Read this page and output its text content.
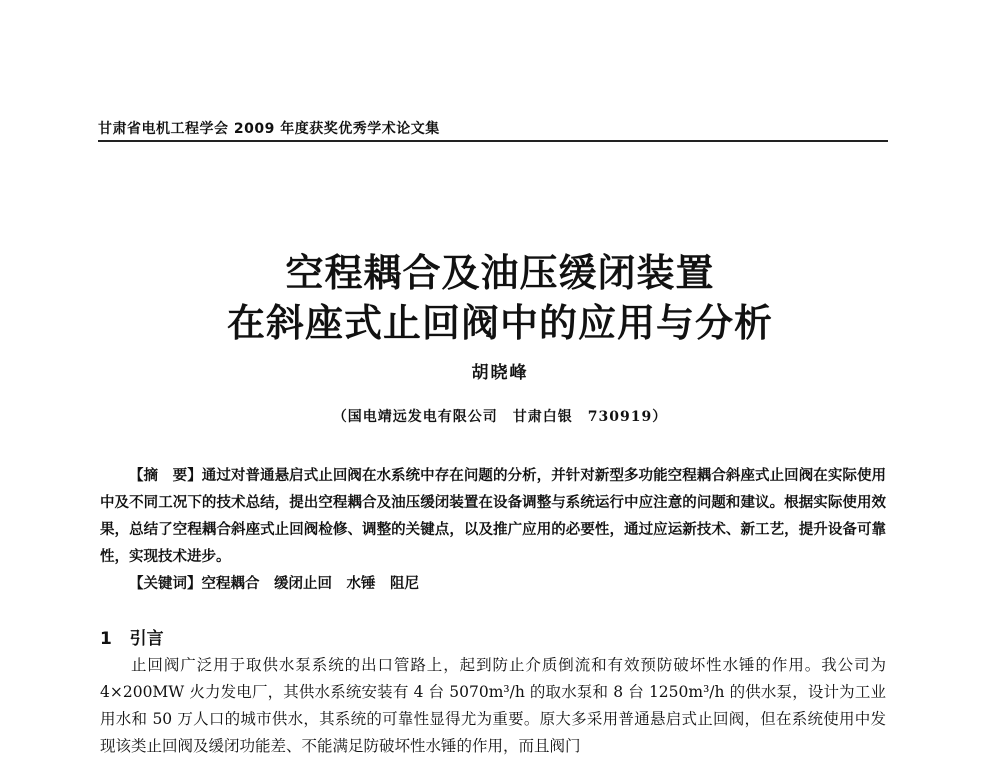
甘肃省电机工程学会 2009 年度获奖优秀学术论文集
空程耦合及油压缓闭装置
在斜座式止回阀中的应用与分析
胡晓峰
（国电靖远发电有限公司　甘肃白银　730919）

【摘　要】通过对普通悬启式止回阀在水系统中存在问题的分析，并针对新型多功能空程耦合斜座式止回阀在实际使用中及不同工况下的技术总结，提出空程耦合及油压缓闭装置在设备调整与系统运行中应注意的问题和建议。根据实际使用效果，总结了空程耦合斜座式止回阀检修、调整的关键点，以及推广应用的必要性，通过应运新技术、新工艺，提升设备可靠性，实现技术进步。

【关键词】空程耦合　缓闭止回　水锤　阻尼

1 引言

止回阀广泛用于取供水泵系统的出口管路上，起到防止介质倒流和有效预防破坏性水锤的作用。我公司为 4×200MW 火力发电厂，其供水系统安装有 4 台 5070m³/h 的取水泵和 8 台 1250m³/h 的供水泵，设计为工业用水和 50 万人口的城市供水，其系统的可靠性显得尤为重要。原大多采用普通悬启式止回阀，但在系统使用中发现该类止回阀及缓闭功能差、不能满足防破坏性水锤的作用，而且阀门
